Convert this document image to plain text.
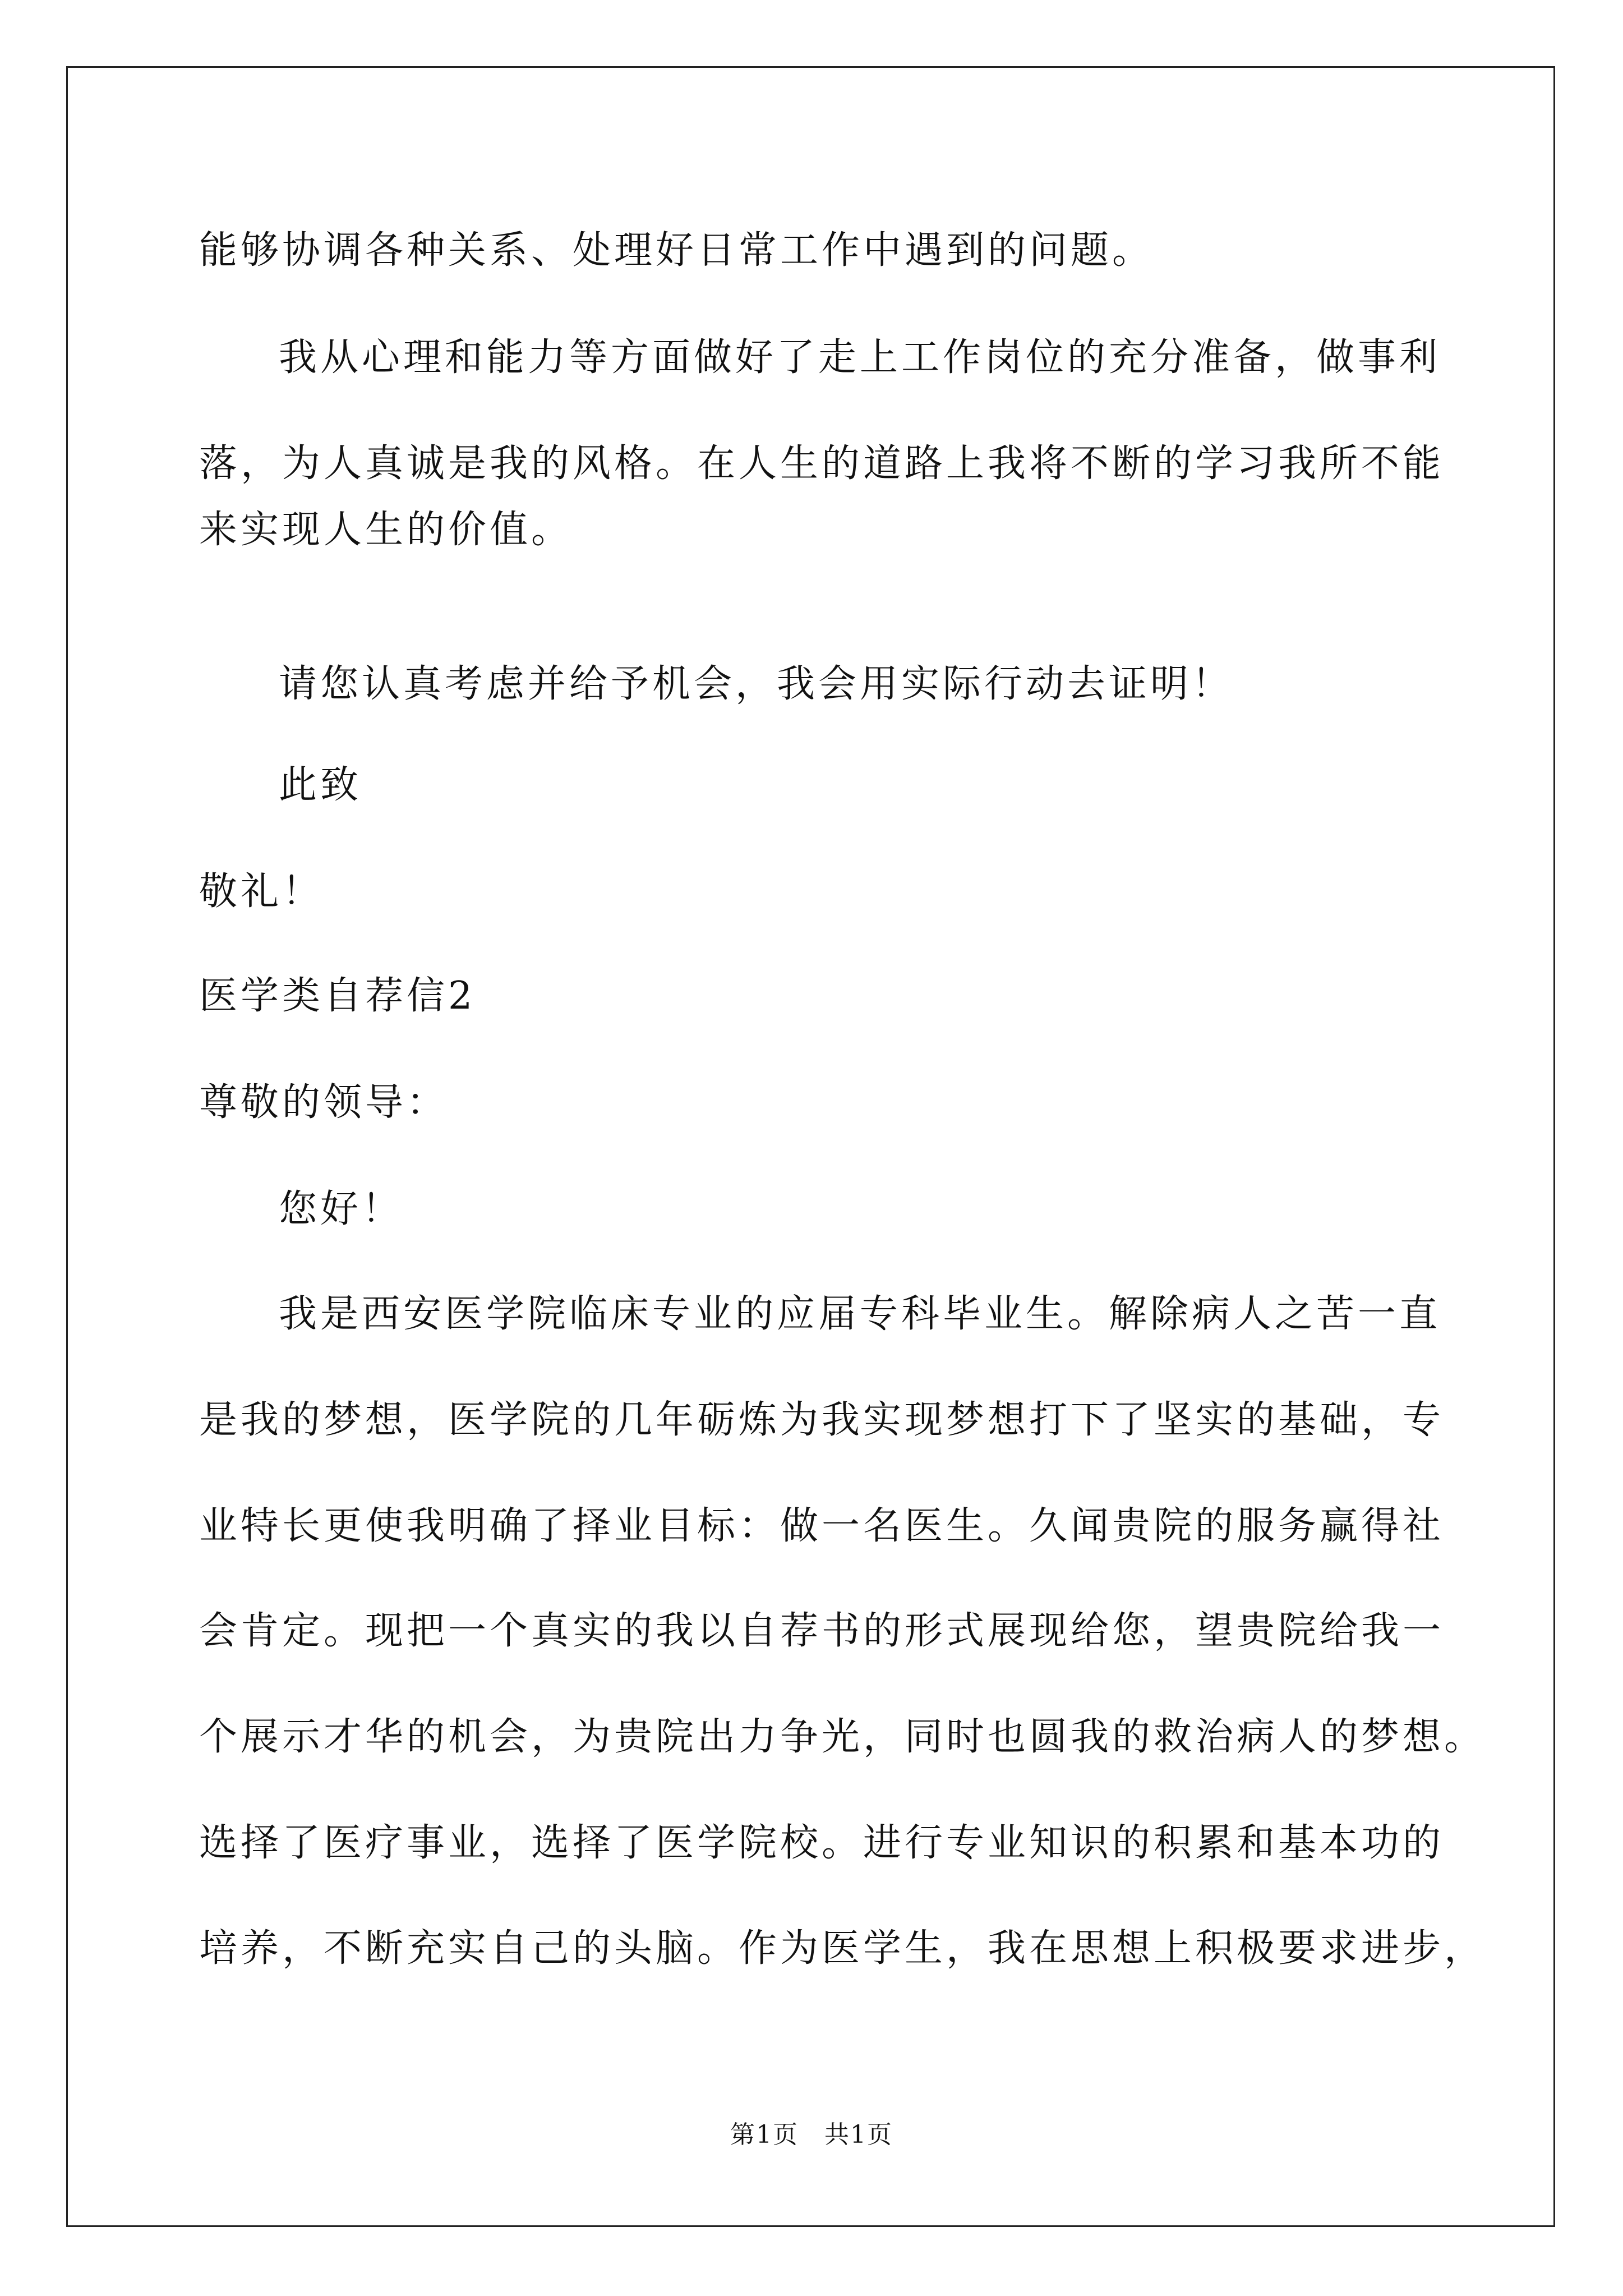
能够协调各种关系、处理好日常工作中遇到的问题。
我从心理和能力等方面做好了走上工作岗位的充分准备，做事利
落，为人真诚是我的风格。在人生的道路上我将不断的学习我所不能
来实现人生的价值。
请您认真考虑并给予机会，我会用实际行动去证明！
此致
敬礼！
医学类自荐信2
尊敬的领导：
您好！
我是西安医学院临床专业的应届专科毕业生。解除病人之苦一直
是我的梦想，医学院的几年砺炼为我实现梦想打下了坚实的基础，专
业特长更使我明确了择业目标：做一名医生。久闻贵院的服务赢得社
会肯定。现把一个真实的我以自荐书的形式展现给您，望贵院给我一
个展示才华的机会，为贵院出力争光，同时也圆我的救治病人的梦想。
选择了医疗事业，选择了医学院校。进行专业知识的积累和基本功的
培养，不断充实自己的头脑。作为医学生，我在思想上积极要求进步，
第1页　共1页
